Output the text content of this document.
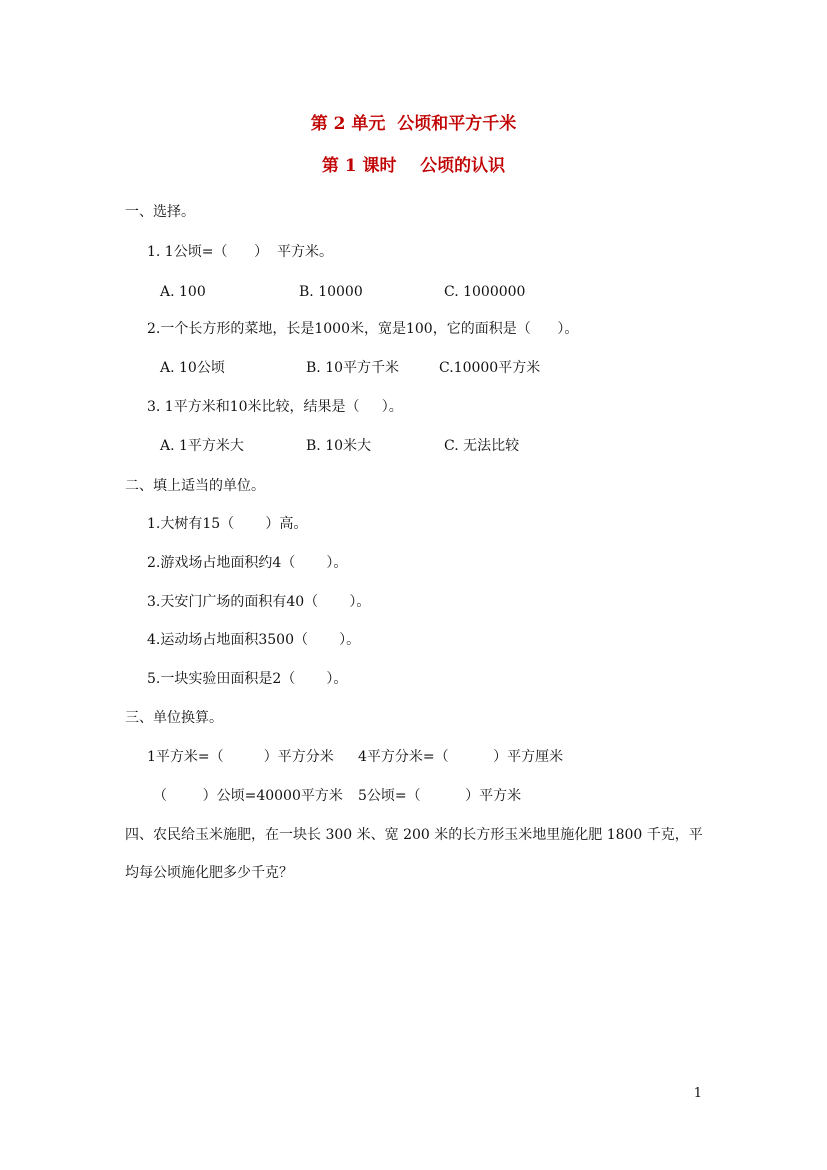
第 2 单元  公顷和平方千米
第 1 课时    公顷的认识
一、选择。
1. 1公顷=（      ）  平方米。
A. 100	B. 10000	C. 1000000
2.一个长方形的菜地，长是1000米，宽是100，它的面积是（      ）。
A. 10公顷	B. 10平方千米	C.10000平方米
3. 1平方米和10米比较，结果是（     ）。
A. 1平方米大	B. 10米大	C. 无法比较
二、填上适当的单位。
1.大树有15（       ）高。
2.游戏场占地面积约4（       ）。
3.天安门广场的面积有40（       ）。
4.运动场占地面积3500（       ）。
5.一块实验田面积是2（       ）。
三、单位换算。
1平方米=（         ）平方分米 4平方分米=（          ）平方厘米
（        ）公顷=40000平方米 5公顷=（          ）平方米
四、农民给玉米施肥，在一块长 300 米、宽 200 米的长方形玉米地里施化肥 1800 千克，平
均每公顷施化肥多少千克？
1
